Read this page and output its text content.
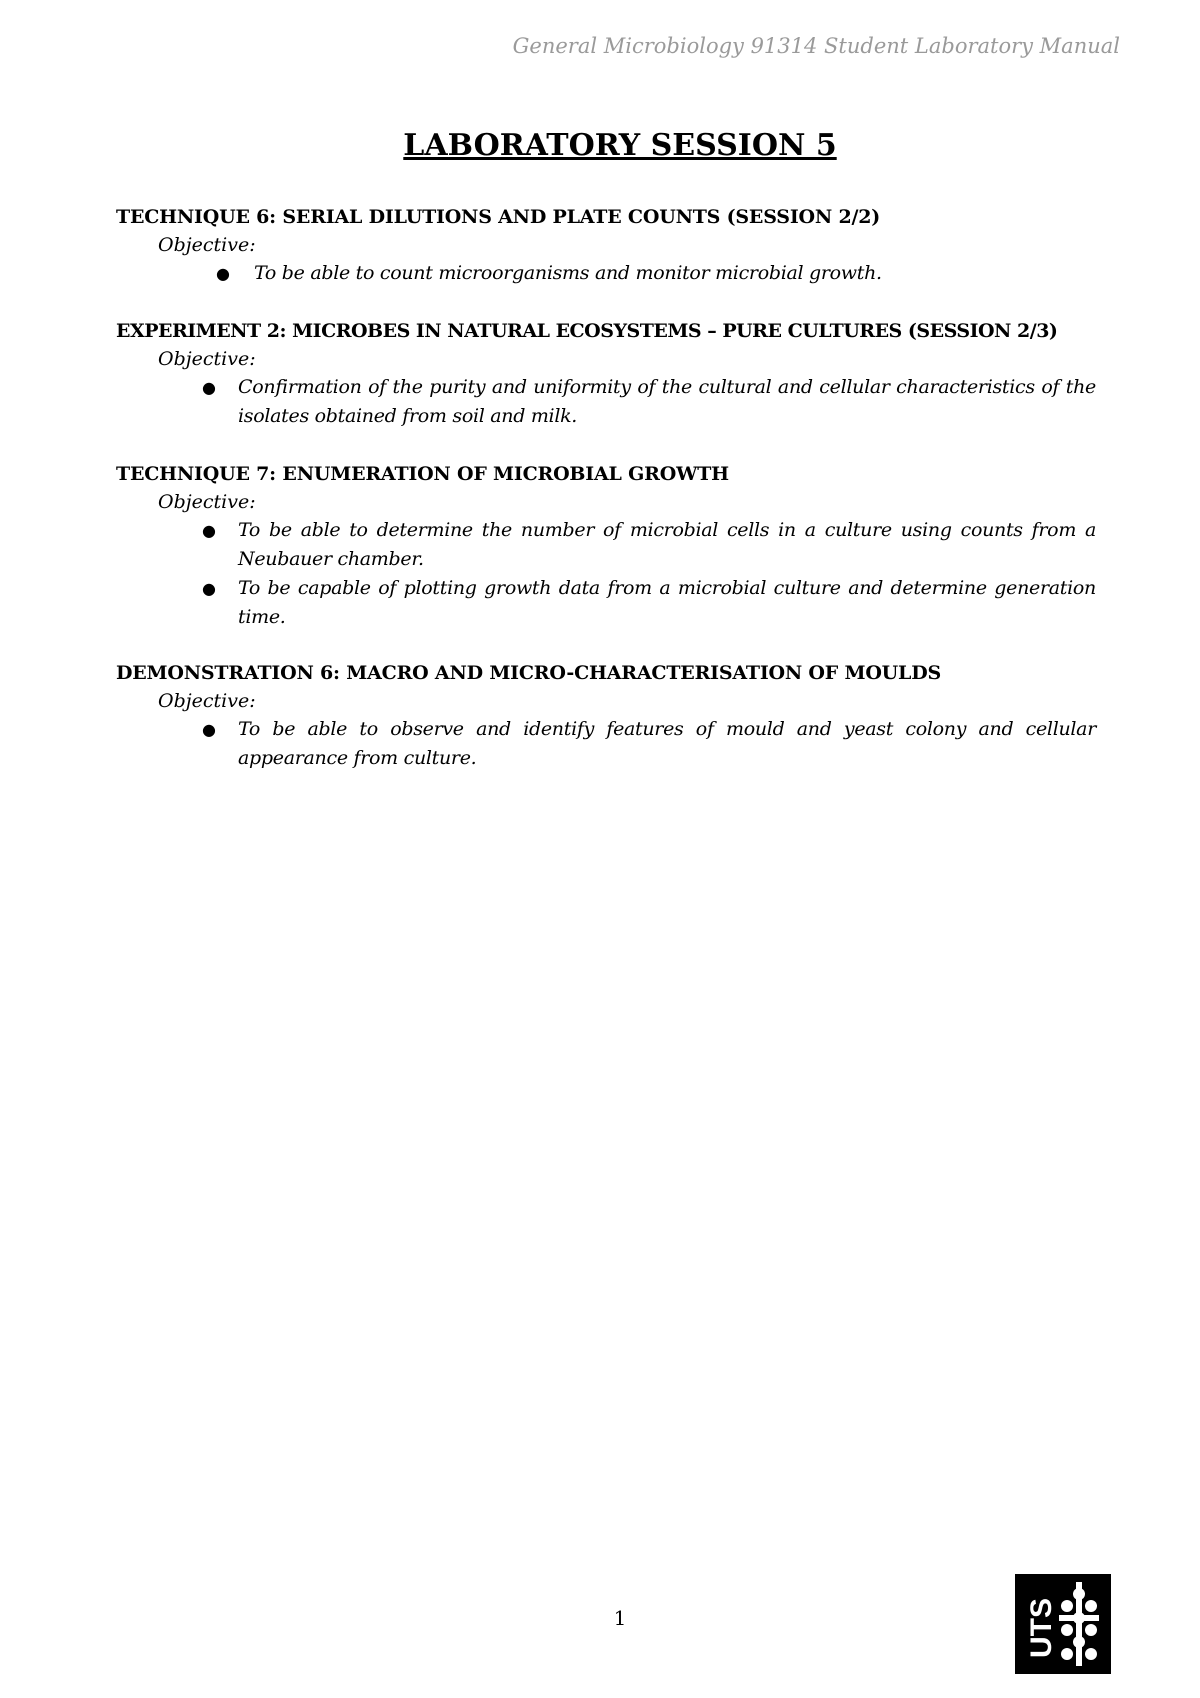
General Microbiology 91314 Student Laboratory Manual
LABORATORY SESSION 5

TECHNIQUE 6: SERIAL DILUTIONS AND PLATE COUNTS (SESSION 2/2)

Objective:

● To be able to count microorganisms and monitor microbial growth.

EXPERIMENT 2: MICROBES IN NATURAL ECOSYSTEMS – PURE CULTURES (SESSION 2/3)

Objective:

● Confirmation of the purity and uniformity of the cultural and cellular characteristics of the isolates obtained from soil and milk.

TECHNIQUE 7: ENUMERATION OF MICROBIAL GROWTH

Objective:

● To be able to determine the number of microbial cells in a culture using counts from a Neubauer chamber.
● To be capable of plotting growth data from a microbial culture and determine generation time.

DEMONSTRATION 6: MACRO AND MICRO-CHARACTERISATION OF MOULDS

Objective:

● To be able to observe and identify features of mould and yeast colony and cellular appearance from culture.
1	UTS
